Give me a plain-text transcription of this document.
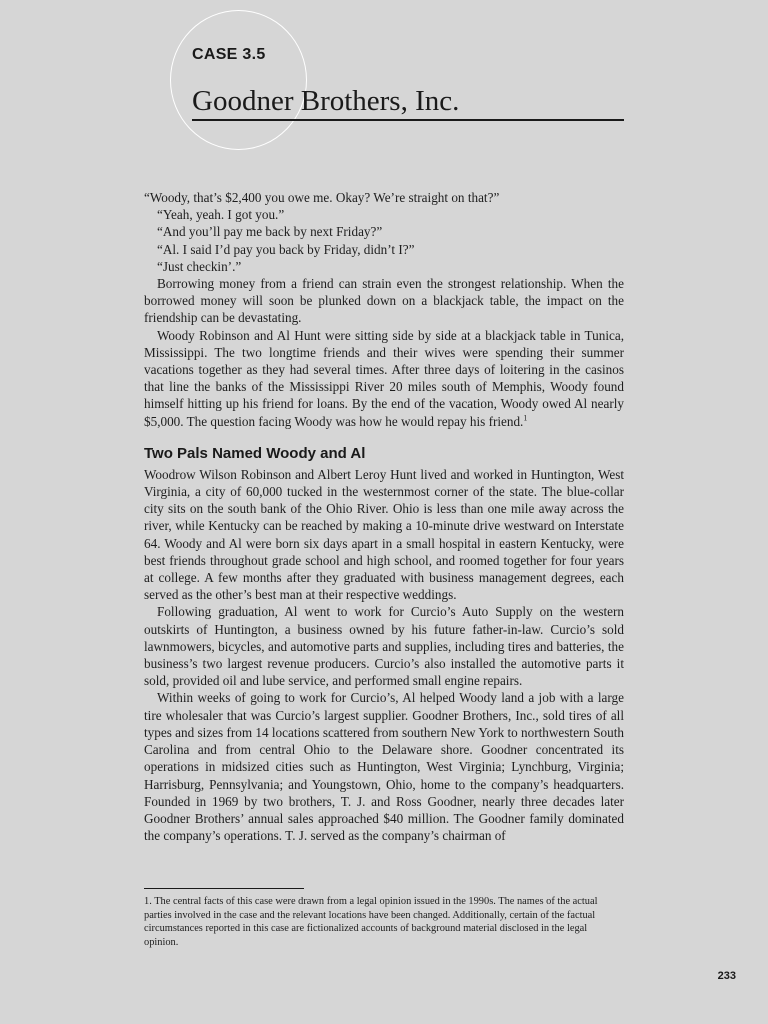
CASE 3.5
Goodner Brothers, Inc.

“Woody, that’s $2,400 you owe me. Okay? We’re straight on that?”

“Yeah, yeah. I got you.”

“And you’ll pay me back by next Friday?”

“Al. I said I’d pay you back by Friday, didn’t I?”

“Just checkin’.”

Borrowing money from a friend can strain even the strongest relationship. When the borrowed money will soon be plunked down on a blackjack table, the impact on the friendship can be devastating.

Woody Robinson and Al Hunt were sitting side by side at a blackjack table in Tunica, Mississippi. The two longtime friends and their wives were spending their summer vacations together as they had several times. After three days of loitering in the casinos that line the banks of the Mississippi River 20 miles south of Memphis, Woody found himself hitting up his friend for loans. By the end of the vacation, Woody owed Al nearly $5,000. The question facing Woody was how he would repay his friend.$^1$

Two Pals Named Woody and Al

Woodrow Wilson Robinson and Albert Leroy Hunt lived and worked in Huntington, West Virginia, a city of 60,000 tucked in the westernmost corner of the state. The blue-collar city sits on the south bank of the Ohio River. Ohio is less than one mile away across the river, while Kentucky can be reached by making a 10-minute drive westward on Interstate 64. Woody and Al were born six days apart in a small hospital in eastern Kentucky, were best friends throughout grade school and high school, and roomed together for four years at college. A few months after they graduated with business management degrees, each served as the other’s best man at their respective weddings.

Following graduation, Al went to work for Curcio’s Auto Supply on the western outskirts of Huntington, a business owned by his future father-in-law. Curcio’s sold lawnmowers, bicycles, and automotive parts and supplies, including tires and batteries, the business’s two largest revenue producers. Curcio’s also installed the automotive parts it sold, provided oil and lube service, and performed small engine repairs.

Within weeks of going to work for Curcio’s, Al helped Woody land a job with a large tire wholesaler that was Curcio’s largest supplier. Goodner Brothers, Inc., sold tires of all types and sizes from 14 locations scattered from southern New York to northwestern South Carolina and from central Ohio to the Delaware shore. Goodner concentrated its operations in midsized cities such as Huntington, West Virginia; Lynchburg, Virginia; Harrisburg, Pennsylvania; and Youngstown, Ohio, home to the company’s headquarters. Founded in 1969 by two brothers, T. J. and Ross Goodner, nearly three decades later Goodner Brothers’ annual sales approached $40 million. The Goodner family dominated the company’s operations. T. J. served as the company’s chairman of

1. The central facts of this case were drawn from a legal opinion issued in the 1990s. The names of the actual parties involved in the case and the relevant locations have been changed. Additionally, certain of the factual circumstances reported in this case are fictionalized accounts of background material disclosed in the legal opinion.
233
